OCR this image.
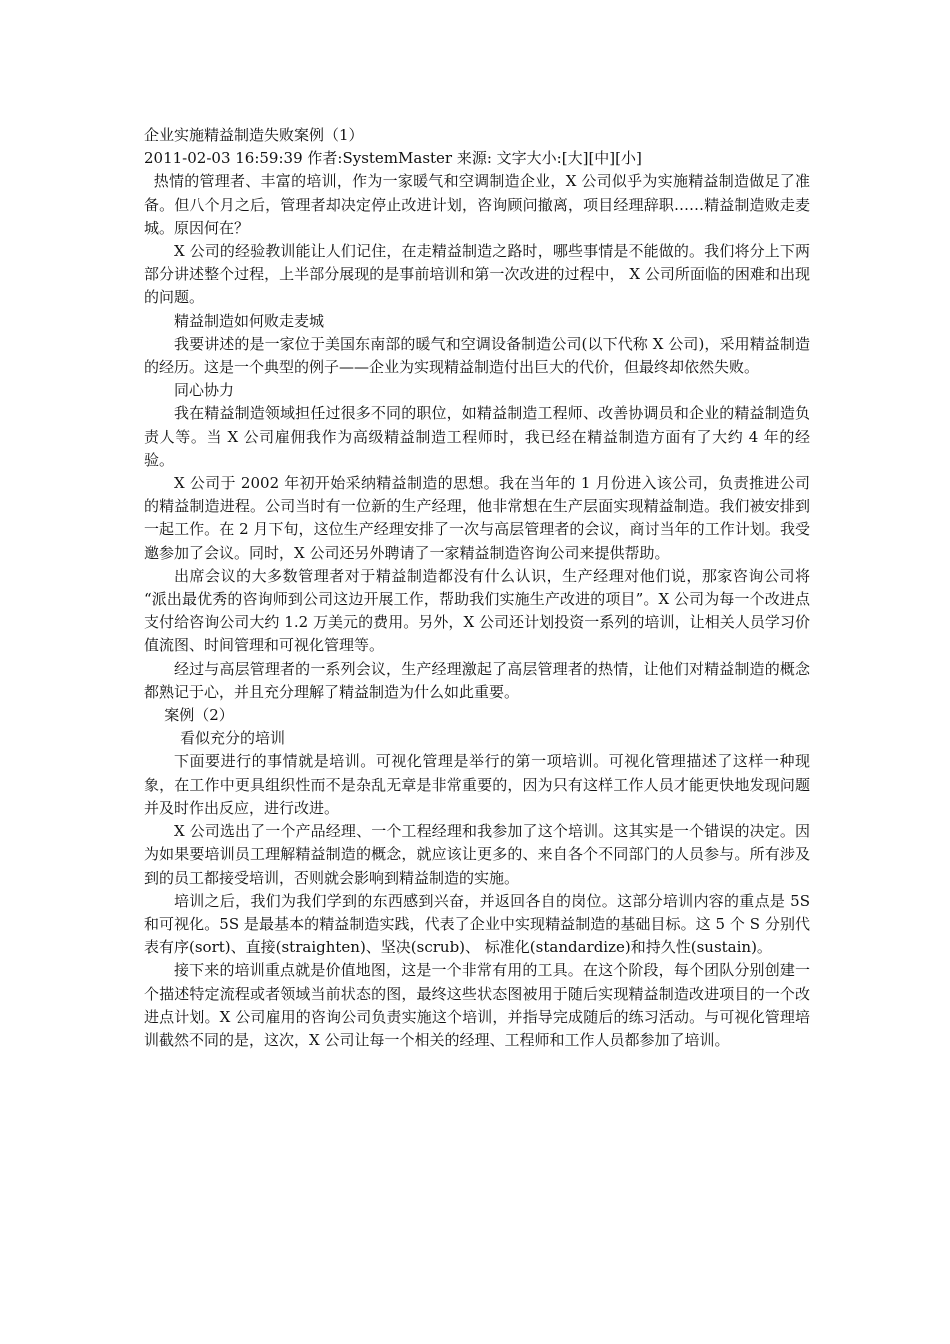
企业实施精益制造失败案例（1）

2011-02-03 16:59:39 作者:SystemMaster 来源: 文字大小:[大][中][小]

热情的管理者、丰富的培训，作为一家暖气和空调制造企业，X 公司似乎为实施精益制造做足了准备。但八个月之后，管理者却决定停止改进计划，咨询顾问撤离，项目经理辞职……精益制造败走麦城。原因何在？

X 公司的经验教训能让人们记住，在走精益制造之路时，哪些事情是不能做的。我们将分上下两部分讲述整个过程，上半部分展现的是事前培训和第一次改进的过程中， X 公司所面临的困难和出现的问题。

精益制造如何败走麦城

我要讲述的是一家位于美国东南部的暖气和空调设备制造公司(以下代称 X 公司)，采用精益制造的经历。这是一个典型的例子——企业为实现精益制造付出巨大的代价，但最终却依然失败。

同心协力

我在精益制造领域担任过很多不同的职位，如精益制造工程师、改善协调员和企业的精益制造负责人等。当 X 公司雇佣我作为高级精益制造工程师时，我已经在精益制造方面有了大约 4 年的经验。

X 公司于 2002 年初开始采纳精益制造的思想。我在当年的 1 月份进入该公司，负责推进公司的精益制造进程。公司当时有一位新的生产经理，他非常想在生产层面实现精益制造。我们被安排到一起工作。在 2 月下旬，这位生产经理安排了一次与高层管理者的会议，商讨当年的工作计划。我受邀参加了会议。同时，X 公司还另外聘请了一家精益制造咨询公司来提供帮助。

出席会议的大多数管理者对于精益制造都没有什么认识，生产经理对他们说，那家咨询公司将 “派出最优秀的咨询师到公司这边开展工作，帮助我们实施生产改进的项目”。X 公司为每一个改进点支付给咨询公司大约 1.2 万美元的费用。另外，X 公司还计划投资一系列的培训，让相关人员学习价值流图、时间管理和可视化管理等。

经过与高层管理者的一系列会议，生产经理激起了高层管理者的热情，让他们对精益制造的概念都熟记于心，并且充分理解了精益制造为什么如此重要。

案例（2）

看似充分的培训

下面要进行的事情就是培训。可视化管理是举行的第一项培训。可视化管理描述了这样一种现象，在工作中更具组织性而不是杂乱无章是非常重要的，因为只有这样工作人员才能更快地发现问题并及时作出反应，进行改进。

X 公司选出了一个产品经理、一个工程经理和我参加了这个培训。这其实是一个错误的决定。因为如果要培训员工理解精益制造的概念，就应该让更多的、来自各个不同部门的人员参与。所有涉及到的员工都接受培训，否则就会影响到精益制造的实施。

培训之后，我们为我们学到的东西感到兴奋，并返回各自的岗位。这部分培训内容的重点是 5S 和可视化。5S 是最基本的精益制造实践，代表了企业中实现精益制造的基础目标。这 5 个 S 分别代表有序(sort)、直接(straighten)、坚决(scrub)、 标准化(standardize)和持久性(sustain)。

接下来的培训重点就是价值地图，这是一个非常有用的工具。在这个阶段，每个团队分别创建一个描述特定流程或者领域当前状态的图，最终这些状态图被用于随后实现精益制造改进项目的一个改进点计划。X 公司雇用的咨询公司负责实施这个培训，并指导完成随后的练习活动。与可视化管理培训截然不同的是，这次，X 公司让每一个相关的经理、工程师和工作人员都参加了培训。
